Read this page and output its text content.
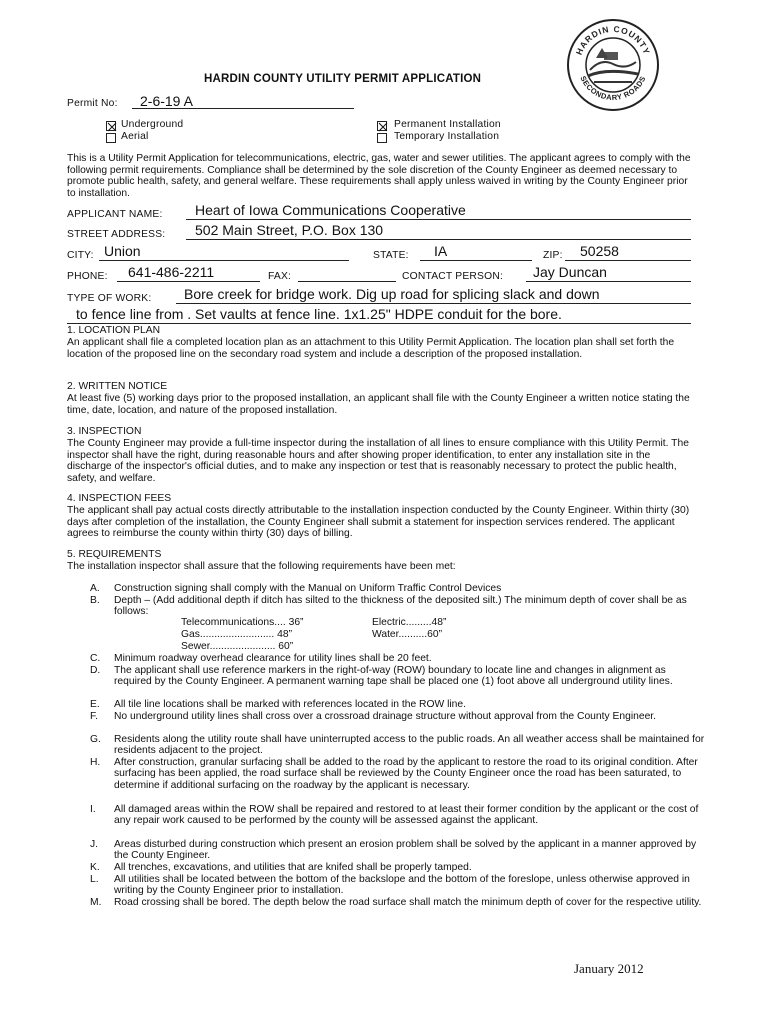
HARDIN COUNTY
SECONDARY ROADS
HARDIN COUNTY UTILITY PERMIT APPLICATION
Permit No: 2-6-19 A
Underground
Aerial
Permanent Installation
Temporary Installation
This is a Utility Permit Application for telecommunications, electric, gas, water and sewer utilities. The applicant agrees to comply with the following permit requirements. Compliance shall be determined by the sole discretion of the County Engineer as deemed necessary to promote public health, safety, and general welfare. These requirements shall apply unless waived in writing by the County Engineer prior to installation.
APPLICANT NAME: Heart of Iowa Communications Cooperative
STREET ADDRESS: 502 Main Street, P.O. Box 130
CITY: Union	STATE: IA	ZIP: 50258
PHONE: 641-486-2211	FAX:	CONTACT PERSON: Jay Duncan
TYPE OF WORK: Bore creek for bridge work. Dig up road for splicing slack and down
to fence line from . Set vaults at fence line. 1x1.25" HDPE conduit for the bore.
1. LOCATION PLAN
An applicant shall file a completed location plan as an attachment to this Utility Permit Application. The location plan shall set forth the location of the proposed line on the secondary road system and include a description of the proposed installation.
2. WRITTEN NOTICE
At least five (5) working days prior to the proposed installation, an applicant shall file with the County Engineer a written notice stating the time, date, location, and nature of the proposed installation.
3. INSPECTION
The County Engineer may provide a full-time inspector during the installation of all lines to ensure compliance with this Utility Permit. The inspector shall have the right, during reasonable hours and after showing proper identification, to enter any installation site in the discharge of the inspector's official duties, and to make any inspection or test that is reasonably necessary to protect the public health, safety, and welfare.
4. INSPECTION FEES
The applicant shall pay actual costs directly attributable to the installation inspection conducted by the County Engineer. Within thirty (30) days after completion of the installation, the County Engineer shall submit a statement for inspection services rendered. The applicant agrees to reimburse the county within thirty (30) days of billing.
5. REQUIREMENTS
The installation inspector shall assure that the following requirements have been met:
A.	Construction signing shall comply with the Manual on Uniform Traffic Control Devices
B.	Depth – (Add additional depth if ditch has silted to the thickness of the deposited silt.) The minimum depth of cover shall be as follows:
Telecommunications.... 36”	Electric.........48”
Gas.......................... 48”	Water..........60”
Sewer....................... 60”
C.	Minimum roadway overhead clearance for utility lines shall be 20 feet.
D.	The applicant shall use reference markers in the right-of-way (ROW) boundary to locate line and changes in alignment as required by the County Engineer. A permanent warning tape shall be placed one (1) foot above all underground utility lines.
E.	All tile line locations shall be marked with references located in the ROW line.
F.	No underground utility lines shall cross over a crossroad drainage structure without approval from the County Engineer.
G.	Residents along the utility route shall have uninterrupted access to the public roads. An all weather access shall be maintained for residents adjacent to the project.
H.	After construction, granular surfacing shall be added to the road by the applicant to restore the road to its original condition. After surfacing has been applied, the road surface shall be reviewed by the County Engineer once the road has been saturated, to determine if additional surfacing on the roadway by the applicant is necessary.
I.	All damaged areas within the ROW shall be repaired and restored to at least their former condition by the applicant or the cost of any repair work caused to be performed by the county will be assessed against the applicant.
J.	Areas disturbed during construction which present an erosion problem shall be solved by the applicant in a manner approved by the County Engineer.
K.	All trenches, excavations, and utilities that are knifed shall be properly tamped.
L.	All utilities shall be located between the bottom of the backslope and the bottom of the foreslope, unless otherwise approved in writing by the County Engineer prior to installation.
M.	Road crossing shall be bored. The depth below the road surface shall match the minimum depth of cover for the respective utility.
January 2012
